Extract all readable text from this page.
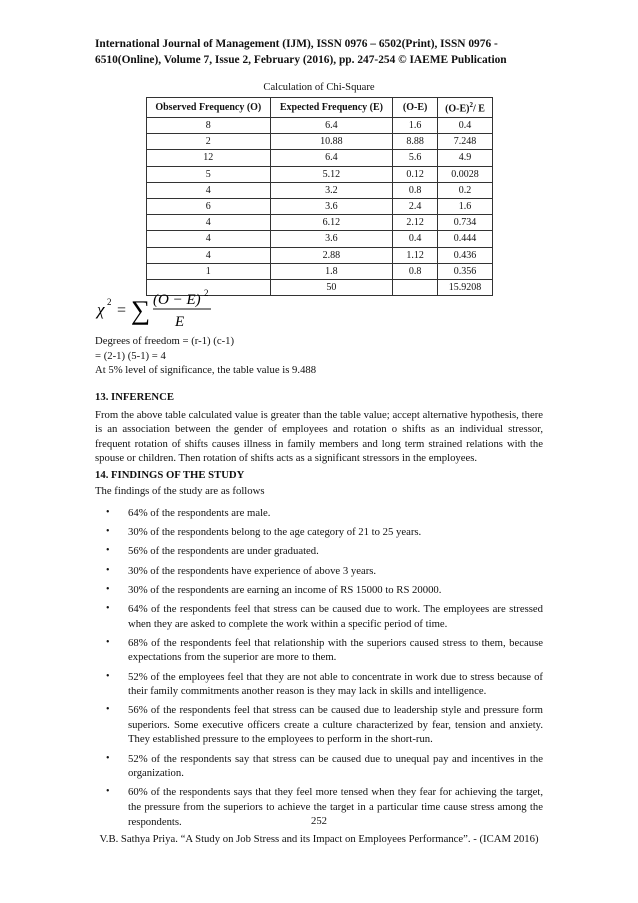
International Journal of Management (IJM), ISSN 0976 – 6502(Print), ISSN 0976 -
6510(Online), Volume 7, Issue 2, February (2016), pp. 247-254 © IAEME Publication
Calculation of Chi-Square
Observed Frequency (O)	Expected Frequency (E)	(O-E)	$(O-E)^2/$ E
8	6.4	1.6	0.4
2	10.88	8.88	7.248
12	6.4	5.6	4.9
5	5.12	0.12	0.0028
4	3.2	0.8	0.2
6	3.6	2.4	1.6
4	6.12	2.12	0.734
4	3.6	0.4	0.444
4	2.88	1.12	0.436
1	1.8	0.8	0.356
	50		15.9208
χ 2 = ∑ (O − E) 2
E
Degrees of freedom = (r-1) (c-1)
= (2-1) (5-1) = 4
At 5% level of significance, the table value is 9.488
13. INFERENCE
From the above table calculated value is greater than the table value; accept alternative hypothesis, there is an association between the gender of employees and rotation o shifts as an individual stressor, frequent rotation of shifts causes illness in family members and long term strained relations with the spouse or children. Then rotation of shifts acts as a significant stressors in the employees.
14. FINDINGS OF THE STUDY
The findings of the study are as follows
• 64% of the respondents are male.
• 30% of the respondents belong to the age category of 21 to 25 years.
• 56% of the respondents are under graduated.
• 30% of the respondents have experience of above 3 years.
• 30% of the respondents are earning an income of RS 15000 to RS 20000.
• 64% of the respondents feel that stress can be caused due to work. The employees are stressed when they are asked to complete the work within a specific period of time.
• 68% of the respondents feel that relationship with the superiors caused stress to them, because expectations from the superior are more to them.
• 52% of the employees feel that they are not able to concentrate in work due to stress because of their family commitments another reason is they may lack in skills and intelligence.
• 56% of the respondents feel that stress can be caused due to leadership style and pressure form superiors. Some executive officers create a culture characterized by fear, tension and anxiety. They established pressure to the employees to perform in the short-run.
• 52% of the respondents say that stress can be caused due to unequal pay and incentives in the organization.
• 60% of the respondents says that they feel more tensed when they fear for achieving the target, the pressure from the superiors to achieve the target in a particular time cause stress among the respondents.	252
V.B. Sathya Priya. “A Study on Job Stress and its Impact on Employees Performance”. - (ICAM 2016)
